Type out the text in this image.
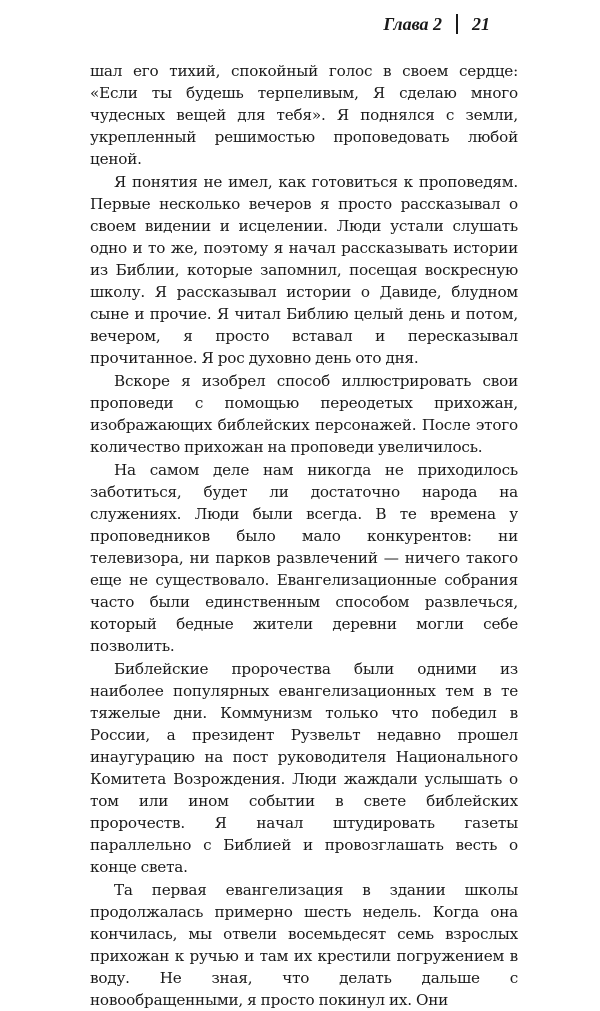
Глава 2 21

шал его тихий, спокойный голос в своем сердце: «Если ты будешь терпеливым, Я сделаю много чудесных вещей для тебя». Я поднялся с земли, укрепленный решимостью проповедовать любой ценой.

Я понятия не имел, как готовиться к проповедям. Первые несколько вечеров я просто рассказывал о своем видении и исцелении. Люди устали слушать одно и то же, поэтому я начал рассказывать истории из Библии, которые запомнил, посещая воскресную школу. Я рассказывал истории о Давиде, блудном сыне и прочие. Я читал Библию целый день и потом, вечером, я просто вставал и пересказывал прочитанное. Я рос духовно день ото дня.

Вскоре я изобрел способ иллюстрировать свои проповеди с помощью переодетых прихожан, изображающих библейских персонажей. После этого количество прихожан на проповеди увеличилось.

На самом деле нам никогда не приходилось заботиться, будет ли достаточно народа на служениях. Люди были всегда. В те времена у проповедников было мало конкурентов: ни телевизора, ни парков развлечений — ничего такого еще не существовало. Евангелизационные собрания часто были единственным способом развлечься, который бедные жители деревни могли себе позволить.

Библейские пророчества были одними из наиболее популярных евангелизационных тем в те тяжелые дни. Коммунизм только что победил в России, а президент Рузвельт недавно прошел инаугурацию на пост руководителя Национального Комитета Возрождения. Люди жаждали услышать о том или ином событии в свете библейских пророчеств. Я начал штудировать газеты параллельно с Библией и провозглашать весть о конце света.

Та первая евангелизация в здании школы продолжалась примерно шесть недель. Когда она кончилась, мы отвели восемьдесят семь взрослых прихожан к ручью и там их крестили погружением в воду. Не зная, что делать дальше с новообращенными, я просто покинул их. Они
